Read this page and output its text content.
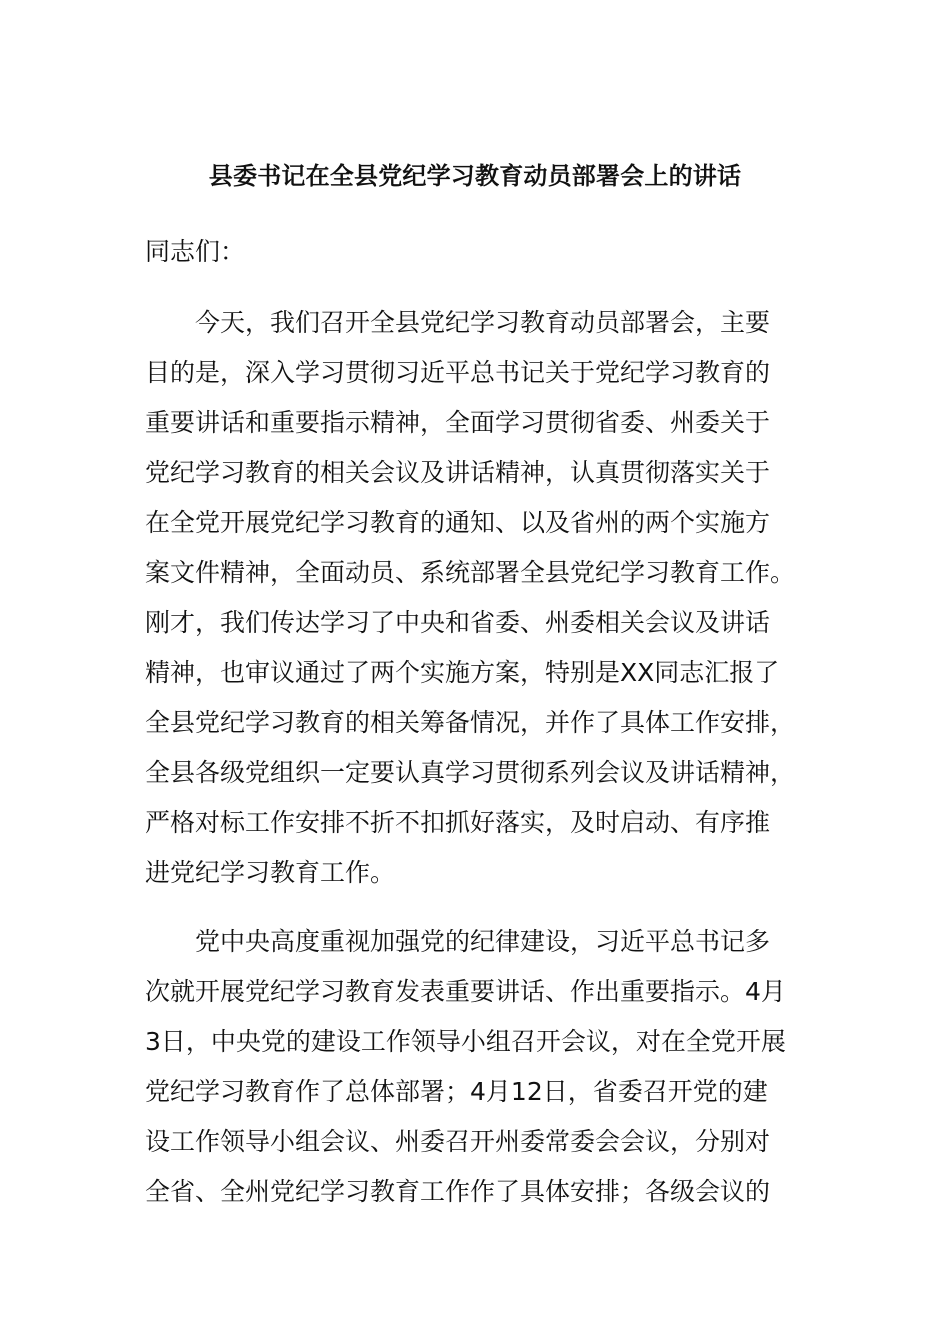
县委书记在全县党纪学习教育动员部署会上的讲话
同志们：
　　今天，我们召开全县党纪学习教育动员部署会，主要
目的是，深入学习贯彻习近平总书记关于党纪学习教育的
重要讲话和重要指示精神，全面学习贯彻省委、州委关于
党纪学习教育的相关会议及讲话精神，认真贯彻落实关于
在全党开展党纪学习教育的通知、以及省州的两个实施方
案文件精神，全面动员、系统部署全县党纪学习教育工作。
刚才，我们传达学习了中央和省委、州委相关会议及讲话
精神，也审议通过了两个实施方案，特别是XX同志汇报了
全县党纪学习教育的相关筹备情况，并作了具体工作安排，
全县各级党组织一定要认真学习贯彻系列会议及讲话精神，
严格对标工作安排不折不扣抓好落实，及时启动、有序推
进党纪学习教育工作。
　　党中央高度重视加强党的纪律建设，习近平总书记多
次就开展党纪学习教育发表重要讲话、作出重要指示。4月
3日，中央党的建设工作领导小组召开会议，对在全党开展
党纪学习教育作了总体部署；4月12日，省委召开党的建
设工作领导小组会议、州委召开州委常委会会议，分别对
全省、全州党纪学习教育工作作了具体安排；各级会议的
